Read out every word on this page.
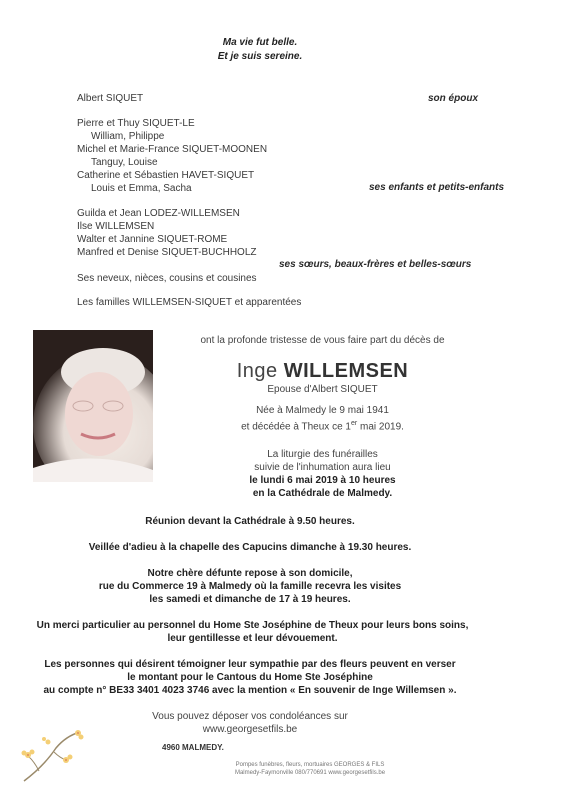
Ma vie fut belle.
Et je suis sereine.
Albert SIQUET	son époux
Pierre et Thuy SIQUET-LE
William, Philippe
Michel et Marie-France SIQUET-MOONEN
Tanguy, Louise
Catherine et Sébastien HAVET-SIQUET
Louis et Emma, Sacha	ses enfants et petits-enfants
Guilda et Jean LODEZ-WILLEMSEN
Ilse WILLEMSEN
Walter et Jannine SIQUET-ROME
Manfred et Denise SIQUET-BUCHHOLZ
ses sœurs, beaux-frères et belles-sœurs
Ses neveux, nièces, cousins et cousines
Les familles WILLEMSEN-SIQUET et apparentées
ont la profonde tristesse de vous faire part du décès de
Inge WILLEMSEN
Epouse d'Albert SIQUET
Née à Malmedy le 9 mai 1941
et décédée à Theux ce 1er mai 2019.
La liturgie des funérailles
suivie de l'inhumation aura lieu
le lundi 6 mai 2019 à 10 heures
en la Cathédrale de Malmedy.
Réunion devant la Cathédrale à 9.50 heures.
Veillée d'adieu à la chapelle des Capucins dimanche à 19.30 heures.
Notre chère défunte repose à son domicile,
rue du Commerce 19 à Malmedy où la famille recevra les visites
les samedi et dimanche de 17 à 19 heures.
Un merci particulier au personnel du Home Ste Joséphine de Theux pour leurs bons soins,
leur gentillesse et leur dévouement.
Les personnes qui désirent témoigner leur sympathie par des fleurs peuvent en verser
le montant pour le Cantous du Home Ste Joséphine
au compte n° BE33 3401 4023 3746 avec la mention « En souvenir de Inge Willemsen ».
Vous pouvez déposer vos condoléances sur
www.georgesetfils.be
4960 MALMEDY.
Pompes funèbres, fleurs, mortuaires GEORGES & FILS
Malmedy-Faymonville 080/770691 www.georgesetfils.be
